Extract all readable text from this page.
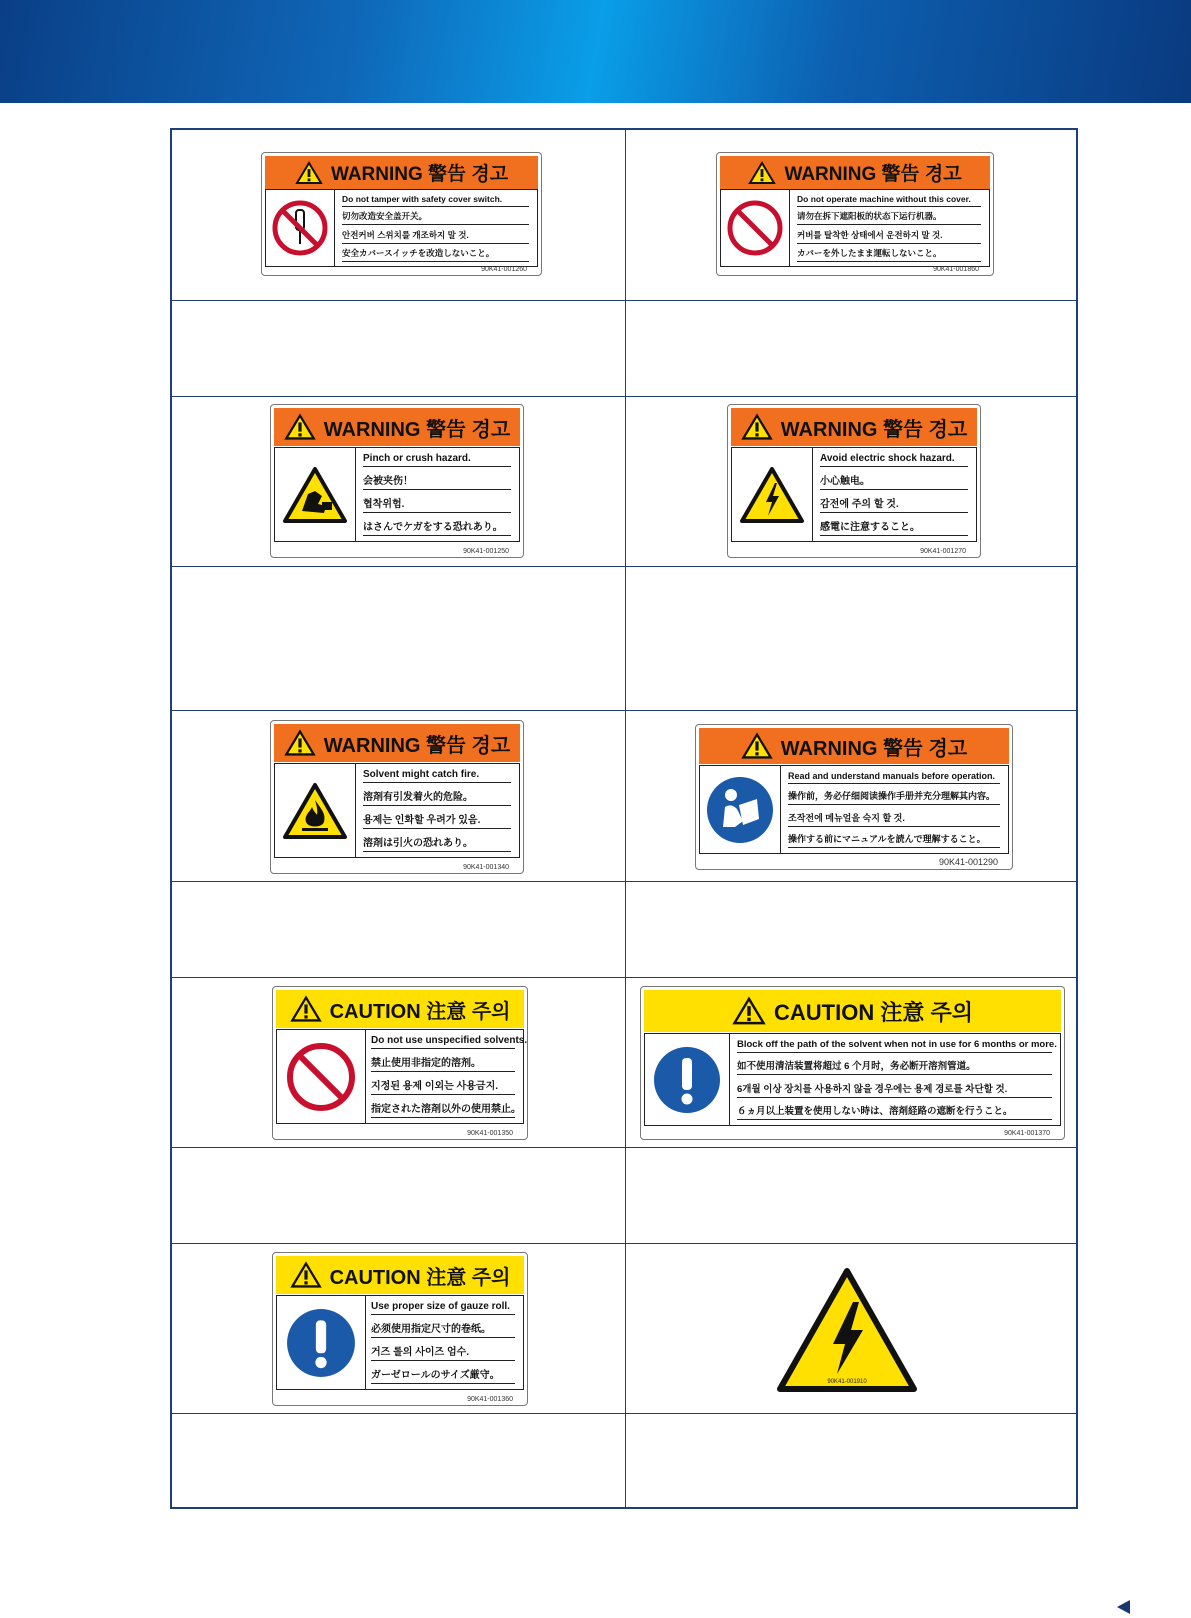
WARNING 警告 경고
Do not tamper with safety cover switch.
切勿改造安全盖开关。
안전커버 스위치를 개조하지 말 것.
安全カバースイッチを改造しないこと。
90K41-001260
WARNING 警告 경고
Do not operate machine without this cover.
请勿在拆下遮阳板的状态下运行机器。
커버를 탈착한 상태에서 운전하지 말 것.
カバーを外したまま運転しないこと。
90K41-001860
WARNING 警告 경고
Pinch or crush hazard.
会被夹伤！
협착위험.
はさんでケガをする恐れあり。
90K41-001250
WARNING 警告 경고
Avoid electric shock hazard.
小心触电。
감전에 주의 할 것.
感電に注意すること。
90K41-001270
WARNING 警告 경고
Solvent might catch fire.
溶剤有引发着火的危险。
용제는 인화할 우려가 있음.
溶剤は引火の恐れあり。
90K41-001340
WARNING 警告 경고
Read and understand manuals before operation.
操作前，务必仔细阅读操作手册并充分理解其内容。
조작전에 메뉴얼을 숙지 할 것.
操作する前にマニュアルを読んで理解すること。
90K41-001290
CAUTION 注意 주의
Do not use unspecified solvents.
禁止使用非指定的溶剂。
지정된 용제 이외는 사용금지.
指定された溶剤以外の使用禁止。
90K41-001350
CAUTION 注意 주의
Block off the path of the solvent when not in use for 6 months or more.
如不使用清洁装置将超过 6 个月时，务必断开溶剂管道。
6개월 이상 장치를 사용하지 않을 경우에는 용제 경로를 차단할 것.
６ヵ月以上装置を使用しない時は、溶剤経路の遮断を行うこと。
90K41-001370
CAUTION 注意 주의
Use proper size of gauze roll.
必须使用指定尺寸的卷纸。
거즈 롤의 사이즈 엄수.
ガーゼロールのサイズ厳守。
90K41-001360
90K41-001910
